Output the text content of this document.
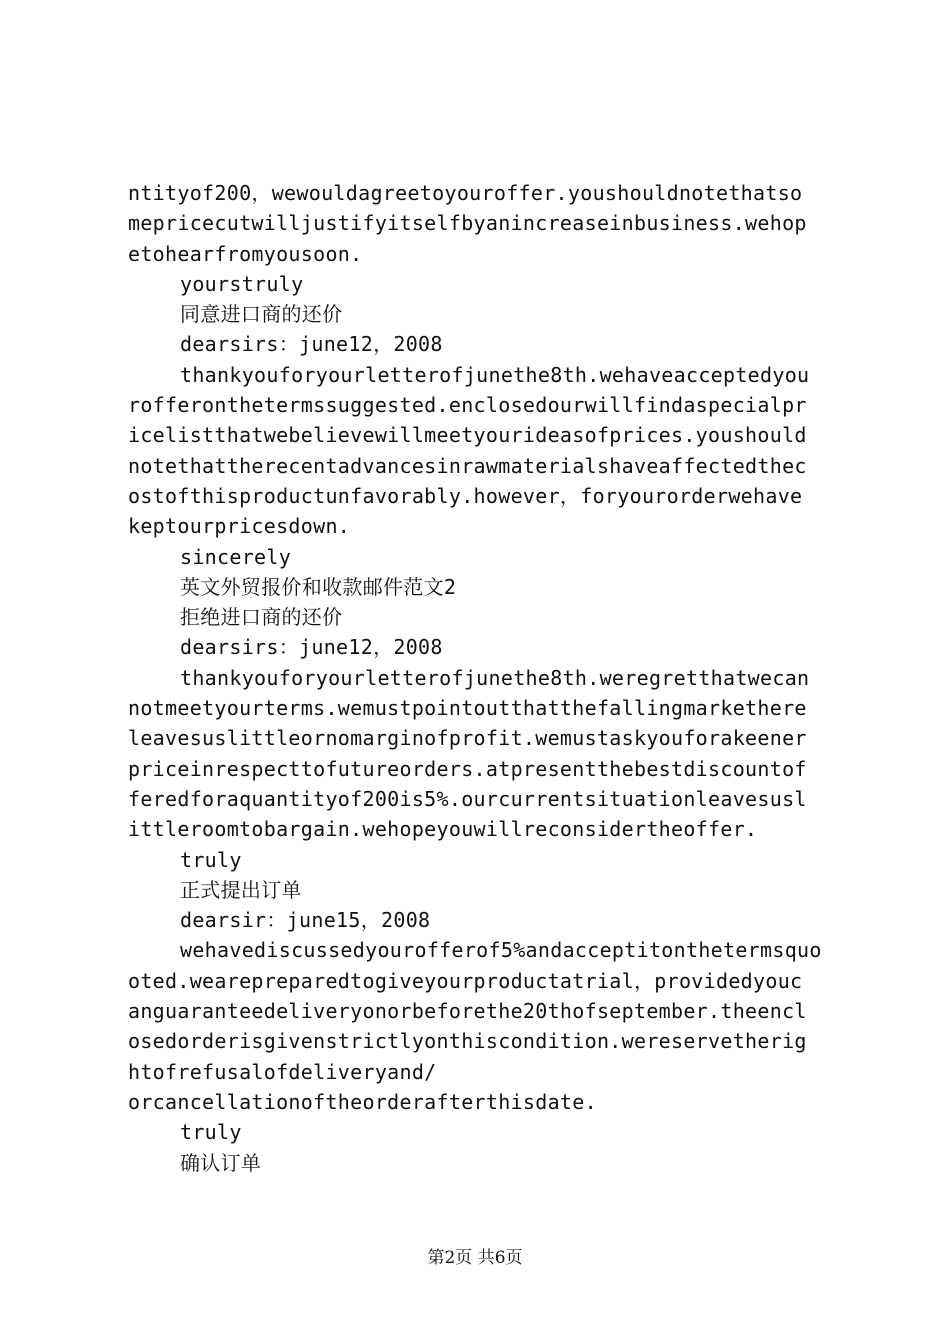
ntityof200，wewouldagreetoyouroffer.youshouldnotethatso
mepricecutwilljustifyitselfbyanincreaseinbusiness.wehop
etohearfromyousoon.
yourstruly
同意进口商的还价
dearsirs：june12，2008
thankyouforyourletterofjunethe8th.wehaveacceptedyou
rofferonthetermssuggested.enclosedourwillfindaspecialpr
icelistthatwebelievewillmeetyourideasofprices.youshould
notethattherecentadvancesinrawmaterialshaveaffectedthec
ostofthisproductunfavorably.however，foryourorderwehave
keptourpricesdown.
sincerely
英文外贸报价和收款邮件范文2
拒绝进口商的还价
dearsirs：june12，2008
thankyouforyourletterofjunethe8th.weregretthatwecan
notmeetyourterms.wemustpointoutthatthefallingmarkethere
leavesuslittleornomarginofprofit.wemustaskyouforakeener
priceinrespecttofutureorders.atpresentthebestdiscountof
feredforaquantityof200is5%.ourcurrentsituationleavesusl
ittleroomtobargain.wehopeyouwillreconsidertheoffer.
truly
正式提出订单
dearsir：june15，2008
wehavediscussedyourofferof5%andacceptitonthetermsquo
oted.wearepreparedtogiveyourproductatrial，providedyouc
anguaranteedeliveryonorbeforethe20thofseptember.theencl
osedorderisgivenstrictlyonthiscondition.wereservetherig
htofrefusalofdeliveryand/
orcancellationoftheorderafterthisdate.
truly
确认订单
第2页 共6页
